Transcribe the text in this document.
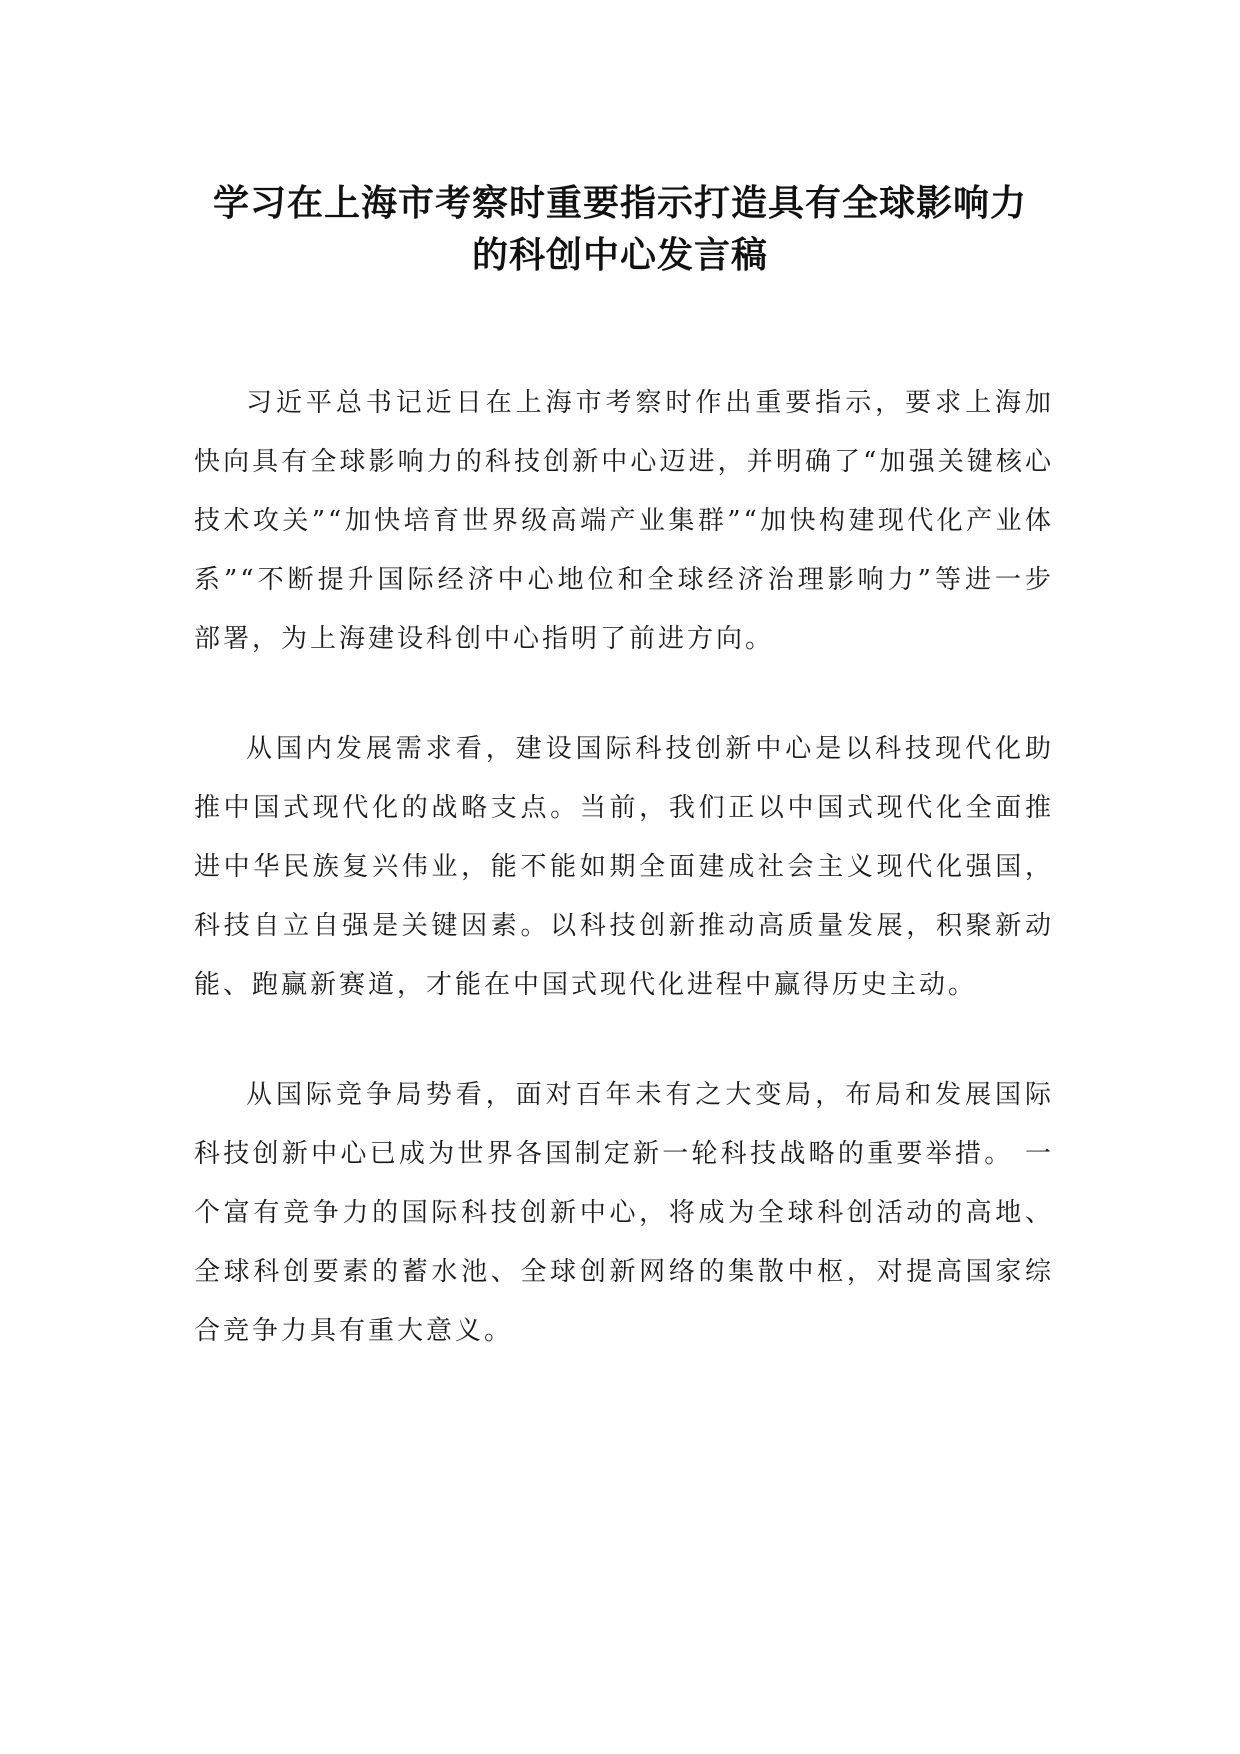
学习在上海市考察时重要指示打造具有全球影响力
的科创中心发言稿

习近平总书记近日在上海市考察时作出重要指示，要求上海加快向具有全球影响力的科技创新中心迈进，并明确了“加强关键核心技术攻关”“加快培育世界级高端产业集群”“加快构建现代化产业体系”“不断提升国际经济中心地位和全球经济治理影响力”等进一步部署，为上海建设科创中心指明了前进方向。

从国内发展需求看，建设国际科技创新中心是以科技现代化助推中国式现代化的战略支点。当前，我们正以中国式现代化全面推进中华民族复兴伟业，能不能如期全面建成社会主义现代化强国，科技自立自强是关键因素。以科技创新推动高质量发展，积聚新动能、跑赢新赛道，才能在中国式现代化进程中赢得历史主动。

从国际竞争局势看，面对百年未有之大变局，布局和发展国际科技创新中心已成为世界各国制定新一轮科技战略的重要举措。 一个富有竞争力的国际科技创新中心，将成为全球科创活动的高地、全球科创要素的蓄水池、全球创新网络的集散中枢，对提高国家综合竞争力具有重大意义。
